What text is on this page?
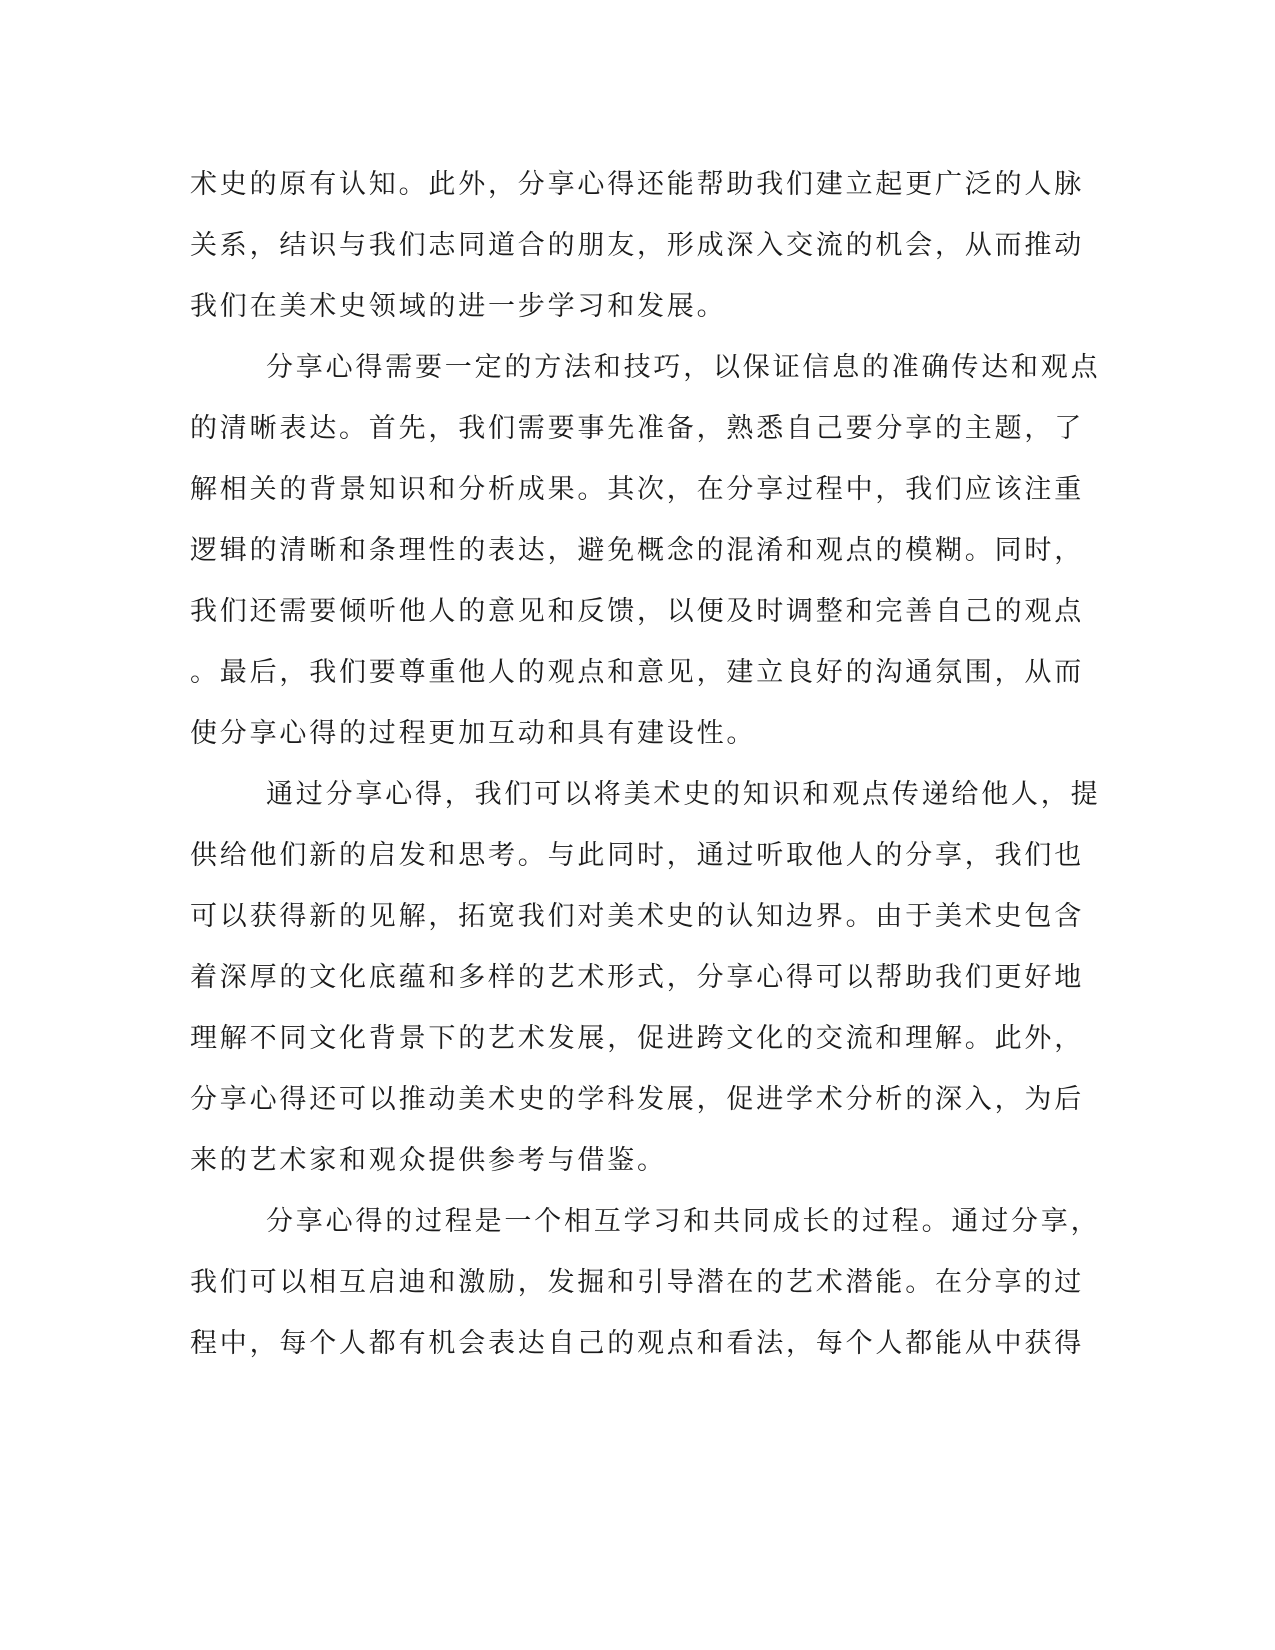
术史的原有认知。此外，分享心得还能帮助我们建立起更广泛的人脉
关系，结识与我们志同道合的朋友，形成深入交流的机会，从而推动
我们在美术史领域的进一步学习和发展。
分享心得需要一定的方法和技巧，以保证信息的准确传达和观点
的清晰表达。首先，我们需要事先准备，熟悉自己要分享的主题，了
解相关的背景知识和分析成果。其次，在分享过程中，我们应该注重
逻辑的清晰和条理性的表达，避免概念的混淆和观点的模糊。同时，
我们还需要倾听他人的意见和反馈，以便及时调整和完善自己的观点
。最后，我们要尊重他人的观点和意见，建立良好的沟通氛围，从而
使分享心得的过程更加互动和具有建设性。
通过分享心得，我们可以将美术史的知识和观点传递给他人，提
供给他们新的启发和思考。与此同时，通过听取他人的分享，我们也
可以获得新的见解，拓宽我们对美术史的认知边界。由于美术史包含
着深厚的文化底蕴和多样的艺术形式，分享心得可以帮助我们更好地
理解不同文化背景下的艺术发展，促进跨文化的交流和理解。此外，
分享心得还可以推动美术史的学科发展，促进学术分析的深入，为后
来的艺术家和观众提供参考与借鉴。
分享心得的过程是一个相互学习和共同成长的过程。通过分享，
我们可以相互启迪和激励，发掘和引导潜在的艺术潜能。在分享的过
程中，每个人都有机会表达自己的观点和看法，每个人都能从中获得
